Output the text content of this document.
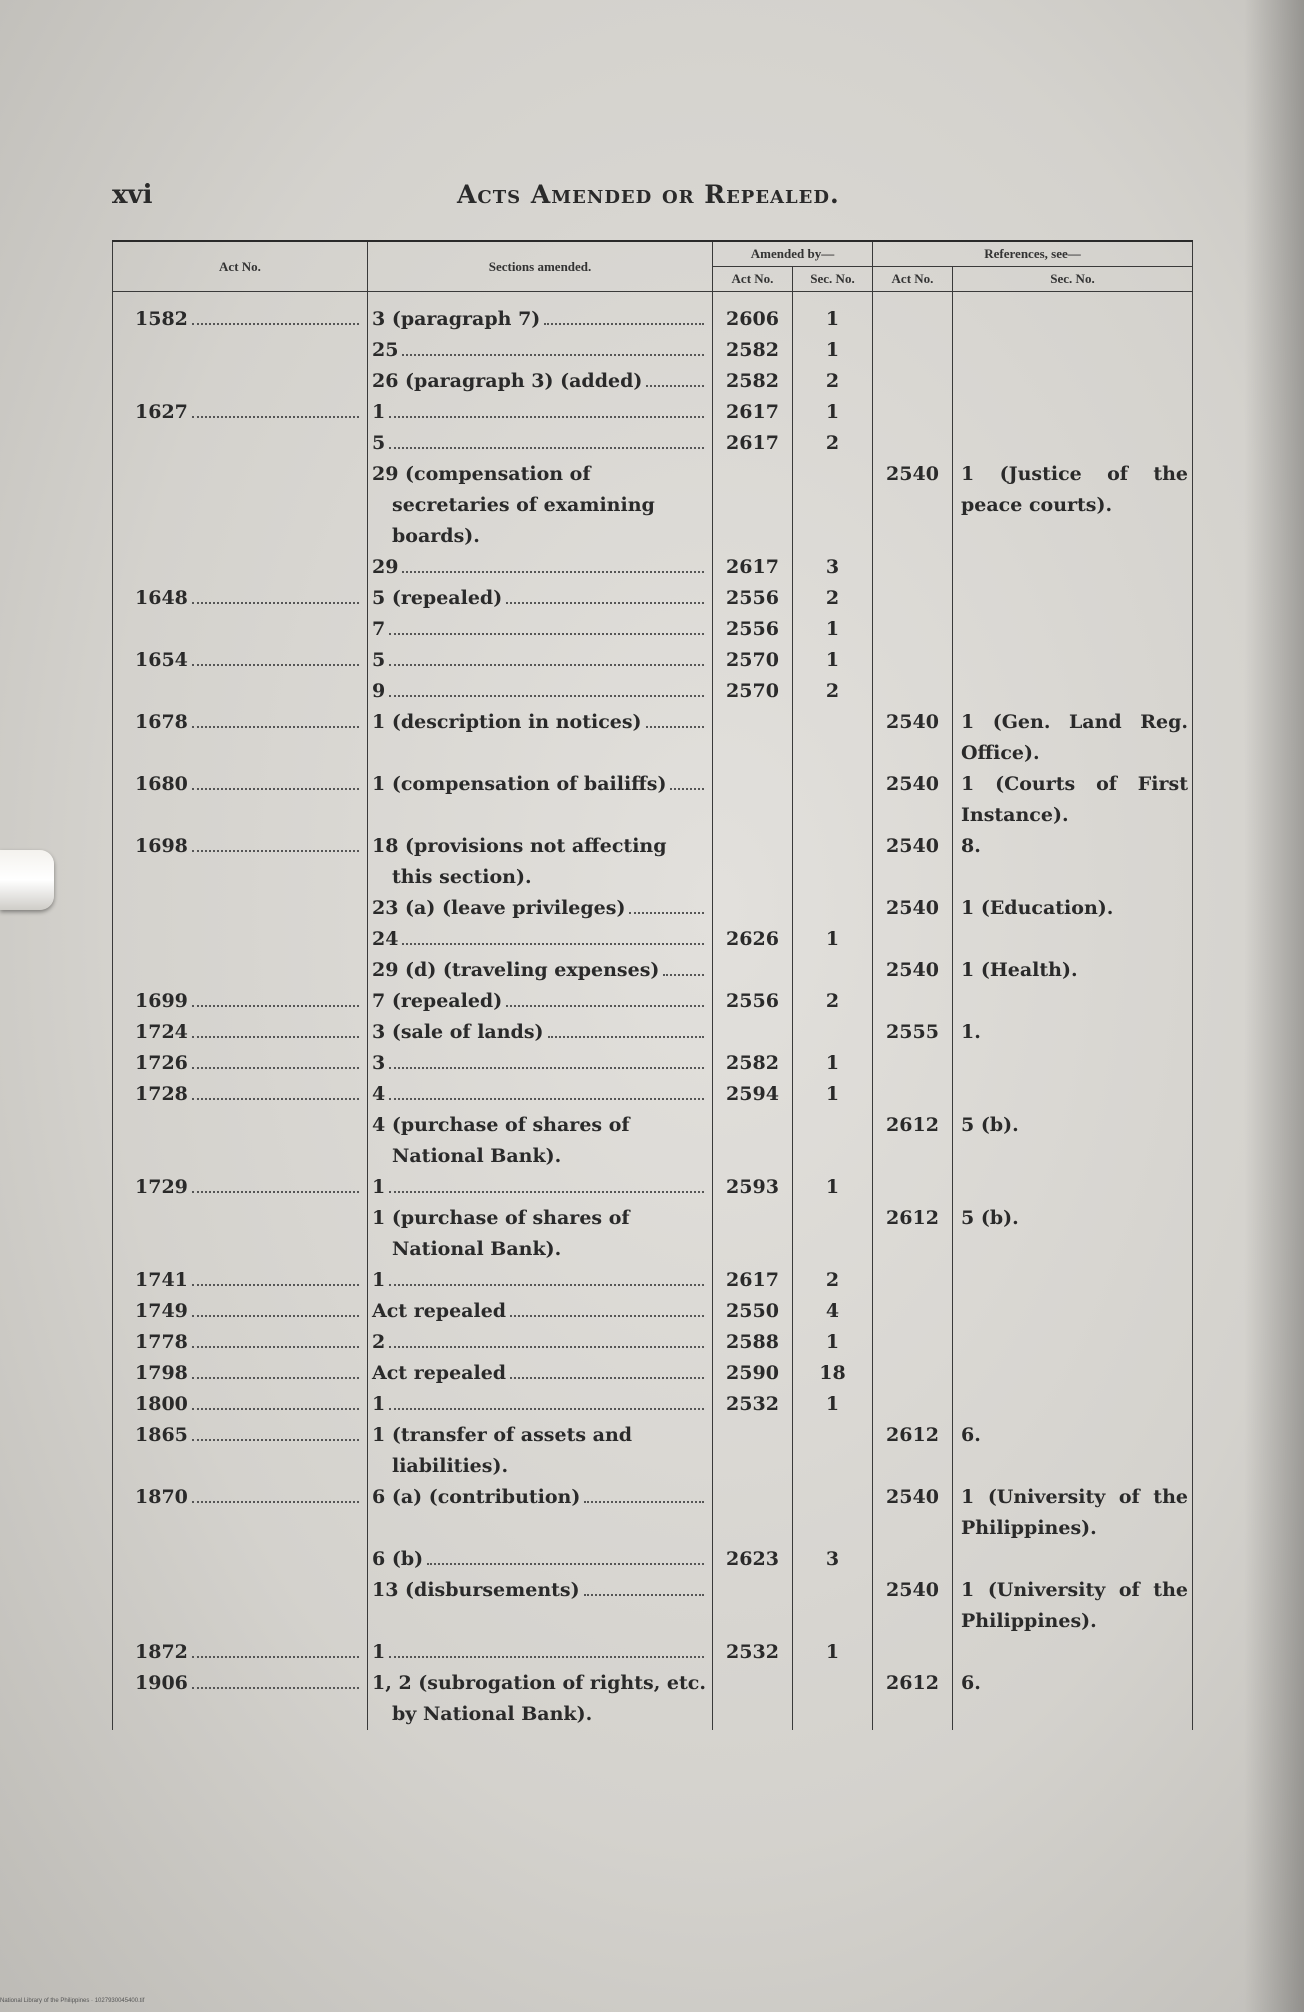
xvi	Acts Amended or Repealed.
Act No.	Sections amended.	Amended by—		References, see—	
		Act No.	Sec. No.	Act No.	Sec. No.

1582	3 (paragraph 7)	2606	1		

	25	2582	1		

	26 (paragraph 3) (added)	2582	2		

1627	1	2617	1		

	5	2617	2		

	29 (compensation of secretaries of examining boards).			2540	1 (Justice of the peace courts).

	29	2617	3		

1648	5 (repealed)	2556	2		

	7	2556	1		

1654	5	2570	1		

	9	2570	2		

1678	1 (description in notices)			2540	1 (Gen. Land Reg. Office).

1680	1 (compensation of bailiffs)			2540	1 (Courts of First Instance).

1698	18 (provisions not affecting this section).			2540	8.

	23 (a) (leave privileges)			2540	1 (Education).

	24	2626	1		

	29 (d) (traveling expenses)			2540	1 (Health).

1699	7 (repealed)	2556	2		

1724	3 (sale of lands)			2555	1.

1726	3	2582	1		

1728	4	2594	1		

	4 (purchase of shares of National Bank).			2612	5 (b).

1729	1	2593	1		

	1 (purchase of shares of National Bank).			2612	5 (b).

1741	1	2617	2		

1749	Act repealed	2550	4		

1778	2	2588	1		

1798	Act repealed	2590	18		

1800	1	2532	1		

1865	1 (transfer of assets and liabilities).			2612	6.

1870	6 (a) (contribution)			2540	1 (University of the Philippines).

	6 (b)	2623	3		

	13 (disbursements)			2540	1 (University of the Philippines).

1872	1	2532	1		

1906	1, 2 (subrogation of rights, etc. by National Bank).			2612	6.
National Library of the Philippines · 1027930045400.tif
